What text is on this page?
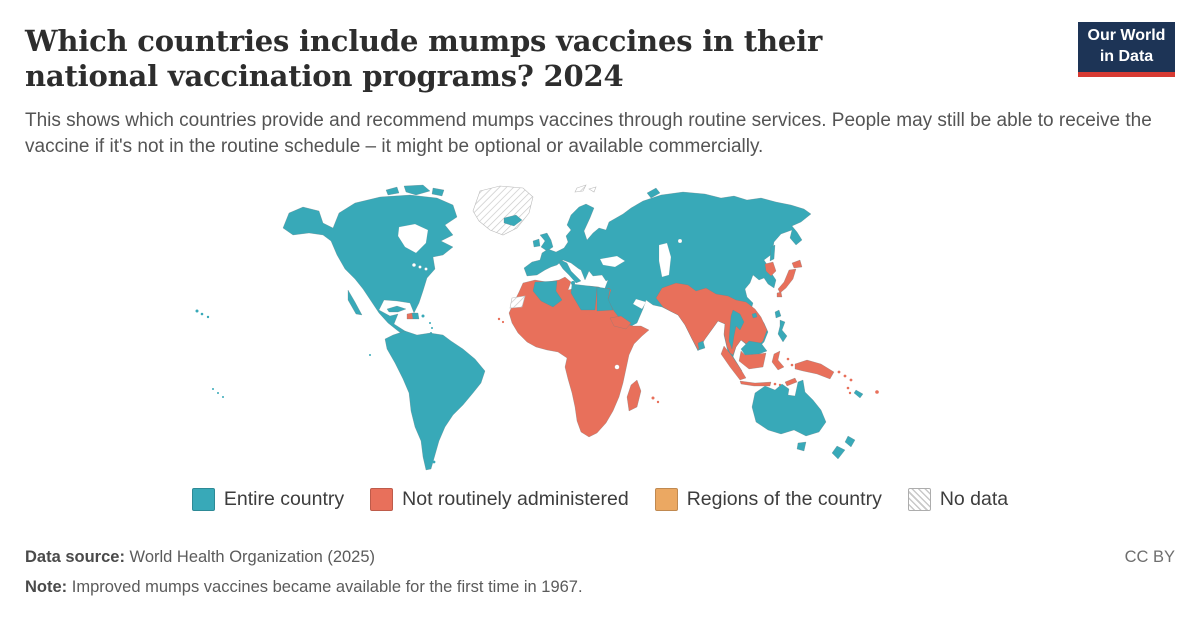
Which countries include mumps vaccines in their national vaccination programs? 2024
This shows which countries provide and recommend mumps vaccines through routine services. People may still be able to receive the vaccine if it's not in the routine schedule – it might be optional or available commercially.
Our World
in Data
Entire country	Not routinely administered	Regions of the country	No data
Data source: World Health Organization (2025)
Note: Improved mumps vaccines became available for the first time in 1967.
CC BY
